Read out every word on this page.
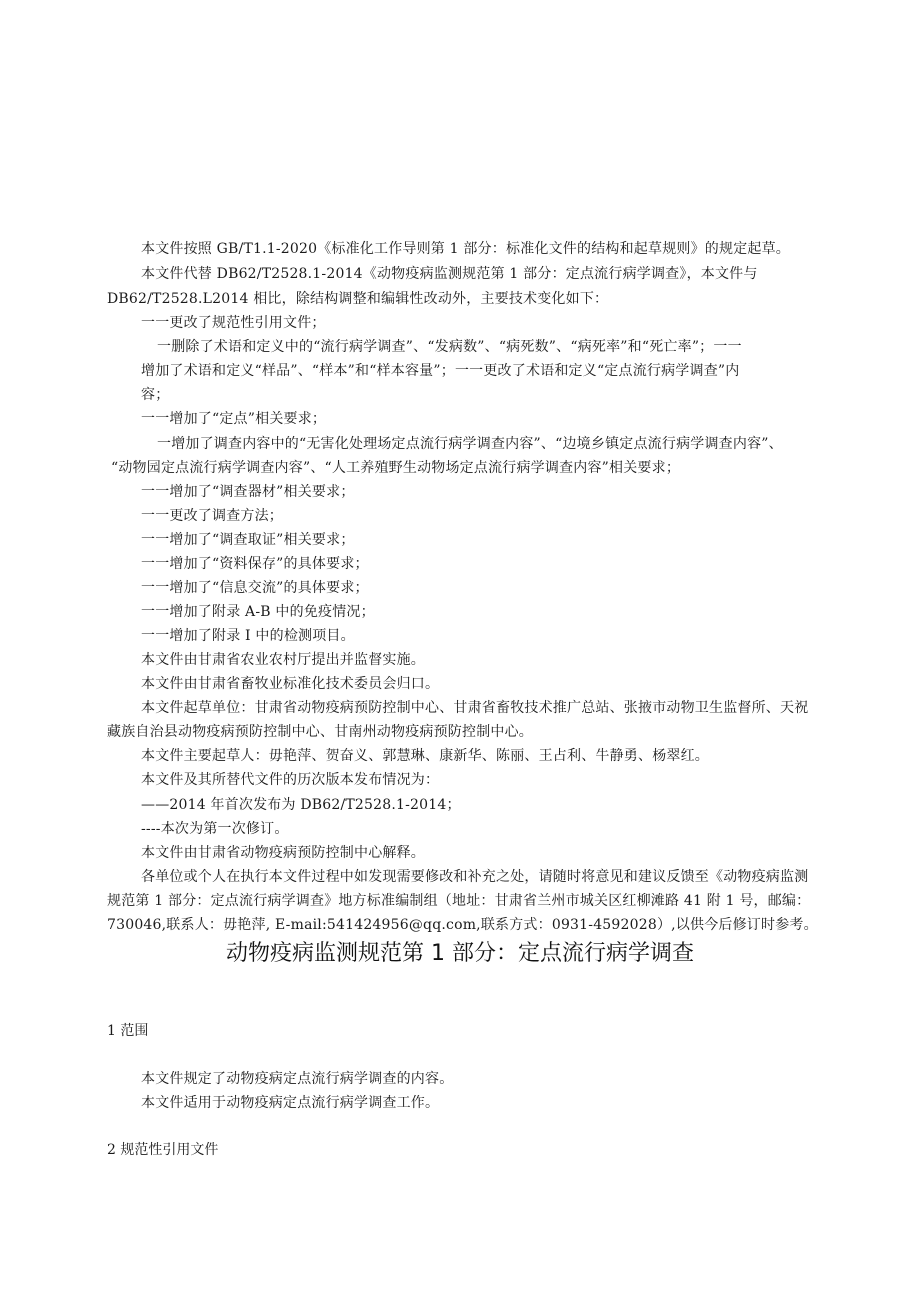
本文件按照 GB/T1.1-2020《标准化工作导则第 1 部分：标准化文件的结构和起草规则》的规定起草。
本文件代替 DB62/T2528.1-2014《动物疫病监测规范第 1 部分：定点流行病学调查》，本文件与
DB62/T2528.L2014 相比，除结构调整和编辑性改动外，主要技术变化如下：
一一更改了规范性引用文件；
一删除了术语和定义中的“流行病学调查”、“发病数”、“病死数”、“病死率”和“死亡率”；一一
增加了术语和定义“样品”、“样本”和“样本容量”；一一更改了术语和定义“定点流行病学调查”内
容；
一一增加了“定点”相关要求；
一增加了调查内容中的“无害化处理场定点流行病学调查内容”、“边境乡镇定点流行病学调查内容”、
“动物园定点流行病学调查内容”、“人工养殖野生动物场定点流行病学调查内容”相关要求；
一一增加了“调查器材”相关要求；
一一更改了调查方法；
一一增加了“调查取证”相关要求；
一一增加了“资料保存”的具体要求；
一一增加了“信息交流”的具体要求；
一一增加了附录 A-B 中的免疫情况；
一一增加了附录 I 中的检测项目。
本文件由甘肃省农业农村厅提出并监督实施。
本文件由甘肃省畜牧业标准化技术委员会归口。
本文件起草单位：甘肃省动物疫病预防控制中心、甘肃省畜牧技术推广总站、张掖市动物卫生监督所、天祝
藏族自治县动物疫病预防控制中心、甘南州动物疫病预防控制中心。
本文件主要起草人：毋艳萍、贺奋义、郭慧琳、康新华、陈丽、王占利、牛静勇、杨翠红。
本文件及其所替代文件的历次版本发布情况为：
——2014 年首次发布为 DB62/T2528.1-2014；
----本次为第一次修订。
本文件由甘肃省动物疫病预防控制中心解释。
各单位或个人在执行本文件过程中如发现需要修改和补充之处，请随时将意见和建议反馈至《动物疫病监测
规范第 1 部分：定点流行病学调查》地方标准编制组（地址：甘肃省兰州市城关区红柳滩路 41 附 1 号，邮编：
730046,联系人：毋艳萍, E-mail:541424956@qq.com,联系方式：0931-4592028）,以供今后修订时参考。
动物疫病监测规范第 1 部分：定点流行病学调查
1 范围
本文件规定了动物疫病定点流行病学调查的内容。
本文件适用于动物疫病定点流行病学调查工作。
2 规范性引用文件
